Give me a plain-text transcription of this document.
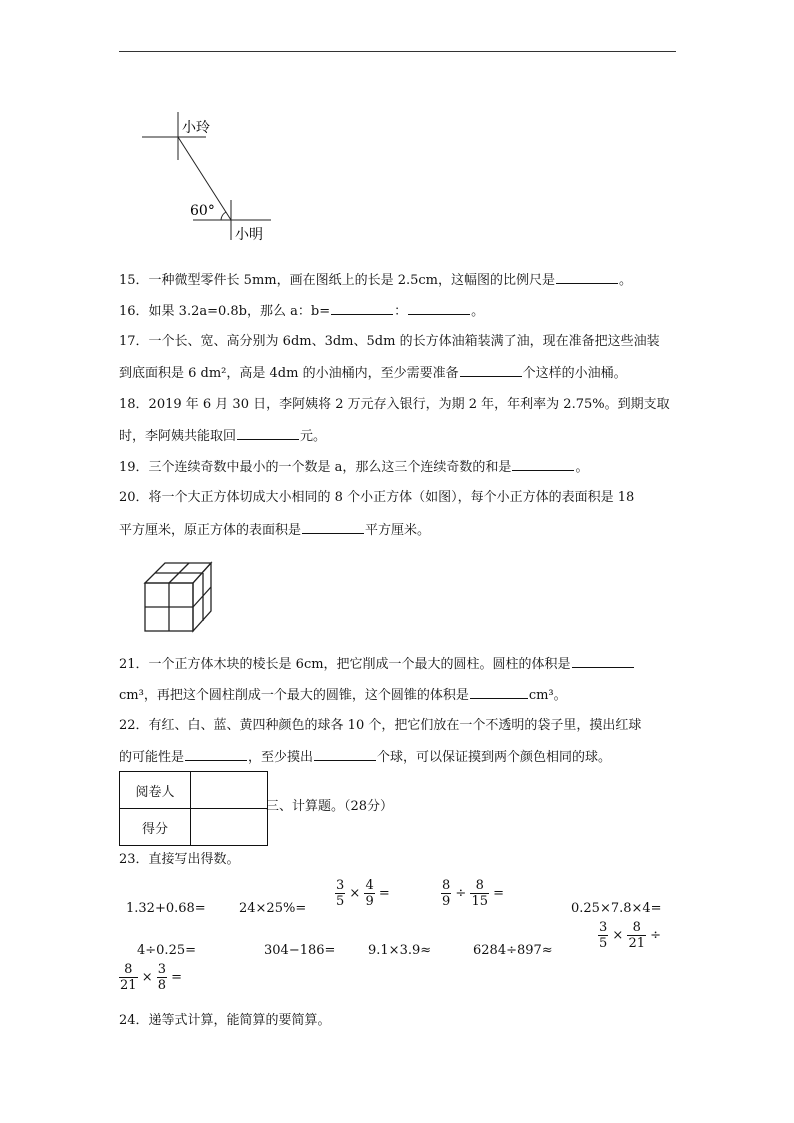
小玲
60°
小明
15．一种微型零件长 5mm，画在图纸上的长是 2.5cm，这幅图的比例尺是	。
16．如果 3.2a=0.8b，那么 a：b=	：	。
17．一个长、宽、高分别为 6dm、3dm、5dm 的长方体油箱装满了油，现在准备把这些油装
到底面积是 6 dm²，高是 4dm 的小油桶内，至少需要准备	个这样的小油桶。
18．2019 年 6 月 30 日，李阿姨将 2 万元存入银行，为期 2 年，年利率为 2.75%。到期支取
时，李阿姨共能取回	元。
19．三个连续奇数中最小的一个数是 a，那么这三个连续奇数的和是	。
20．将一个大正方体切成大小相同的 8 个小正方体（如图），每个小正方体的表面积是 18
平方厘米，原正方体的表面积是	平方厘米。
21．一个正方体木块的棱长是 6cm，把它削成一个最大的圆柱。圆柱的体积是
cm³，再把这个圆柱削成一个最大的圆锥，这个圆锥的体积是	cm³。
22．有红、白、蓝、黄四种颜色的球各 10 个，把它们放在一个不透明的袋子里，摸出红球
的可能性是	，至少摸出	个球，可以保证摸到两个颜色相同的球。
阅卷人	
得分	
三、计算题。（28分）
23．直接写出得数。
1.32+0.68=	$24\times 25\%= \frac{3}{5} \times \frac{4}{9}$ =	$\frac{8}{9} \div \frac{8}{15}$ =
0.25×7.8×4=
4÷0.25=	304−186=	9.1×3.9≈	6284÷897≈	$\frac{3}{5} \times \frac{8}{21}$ ÷
$\frac{8}{21} \times \frac{3}{8}$ =
24．递等式计算，能简算的要简算。
